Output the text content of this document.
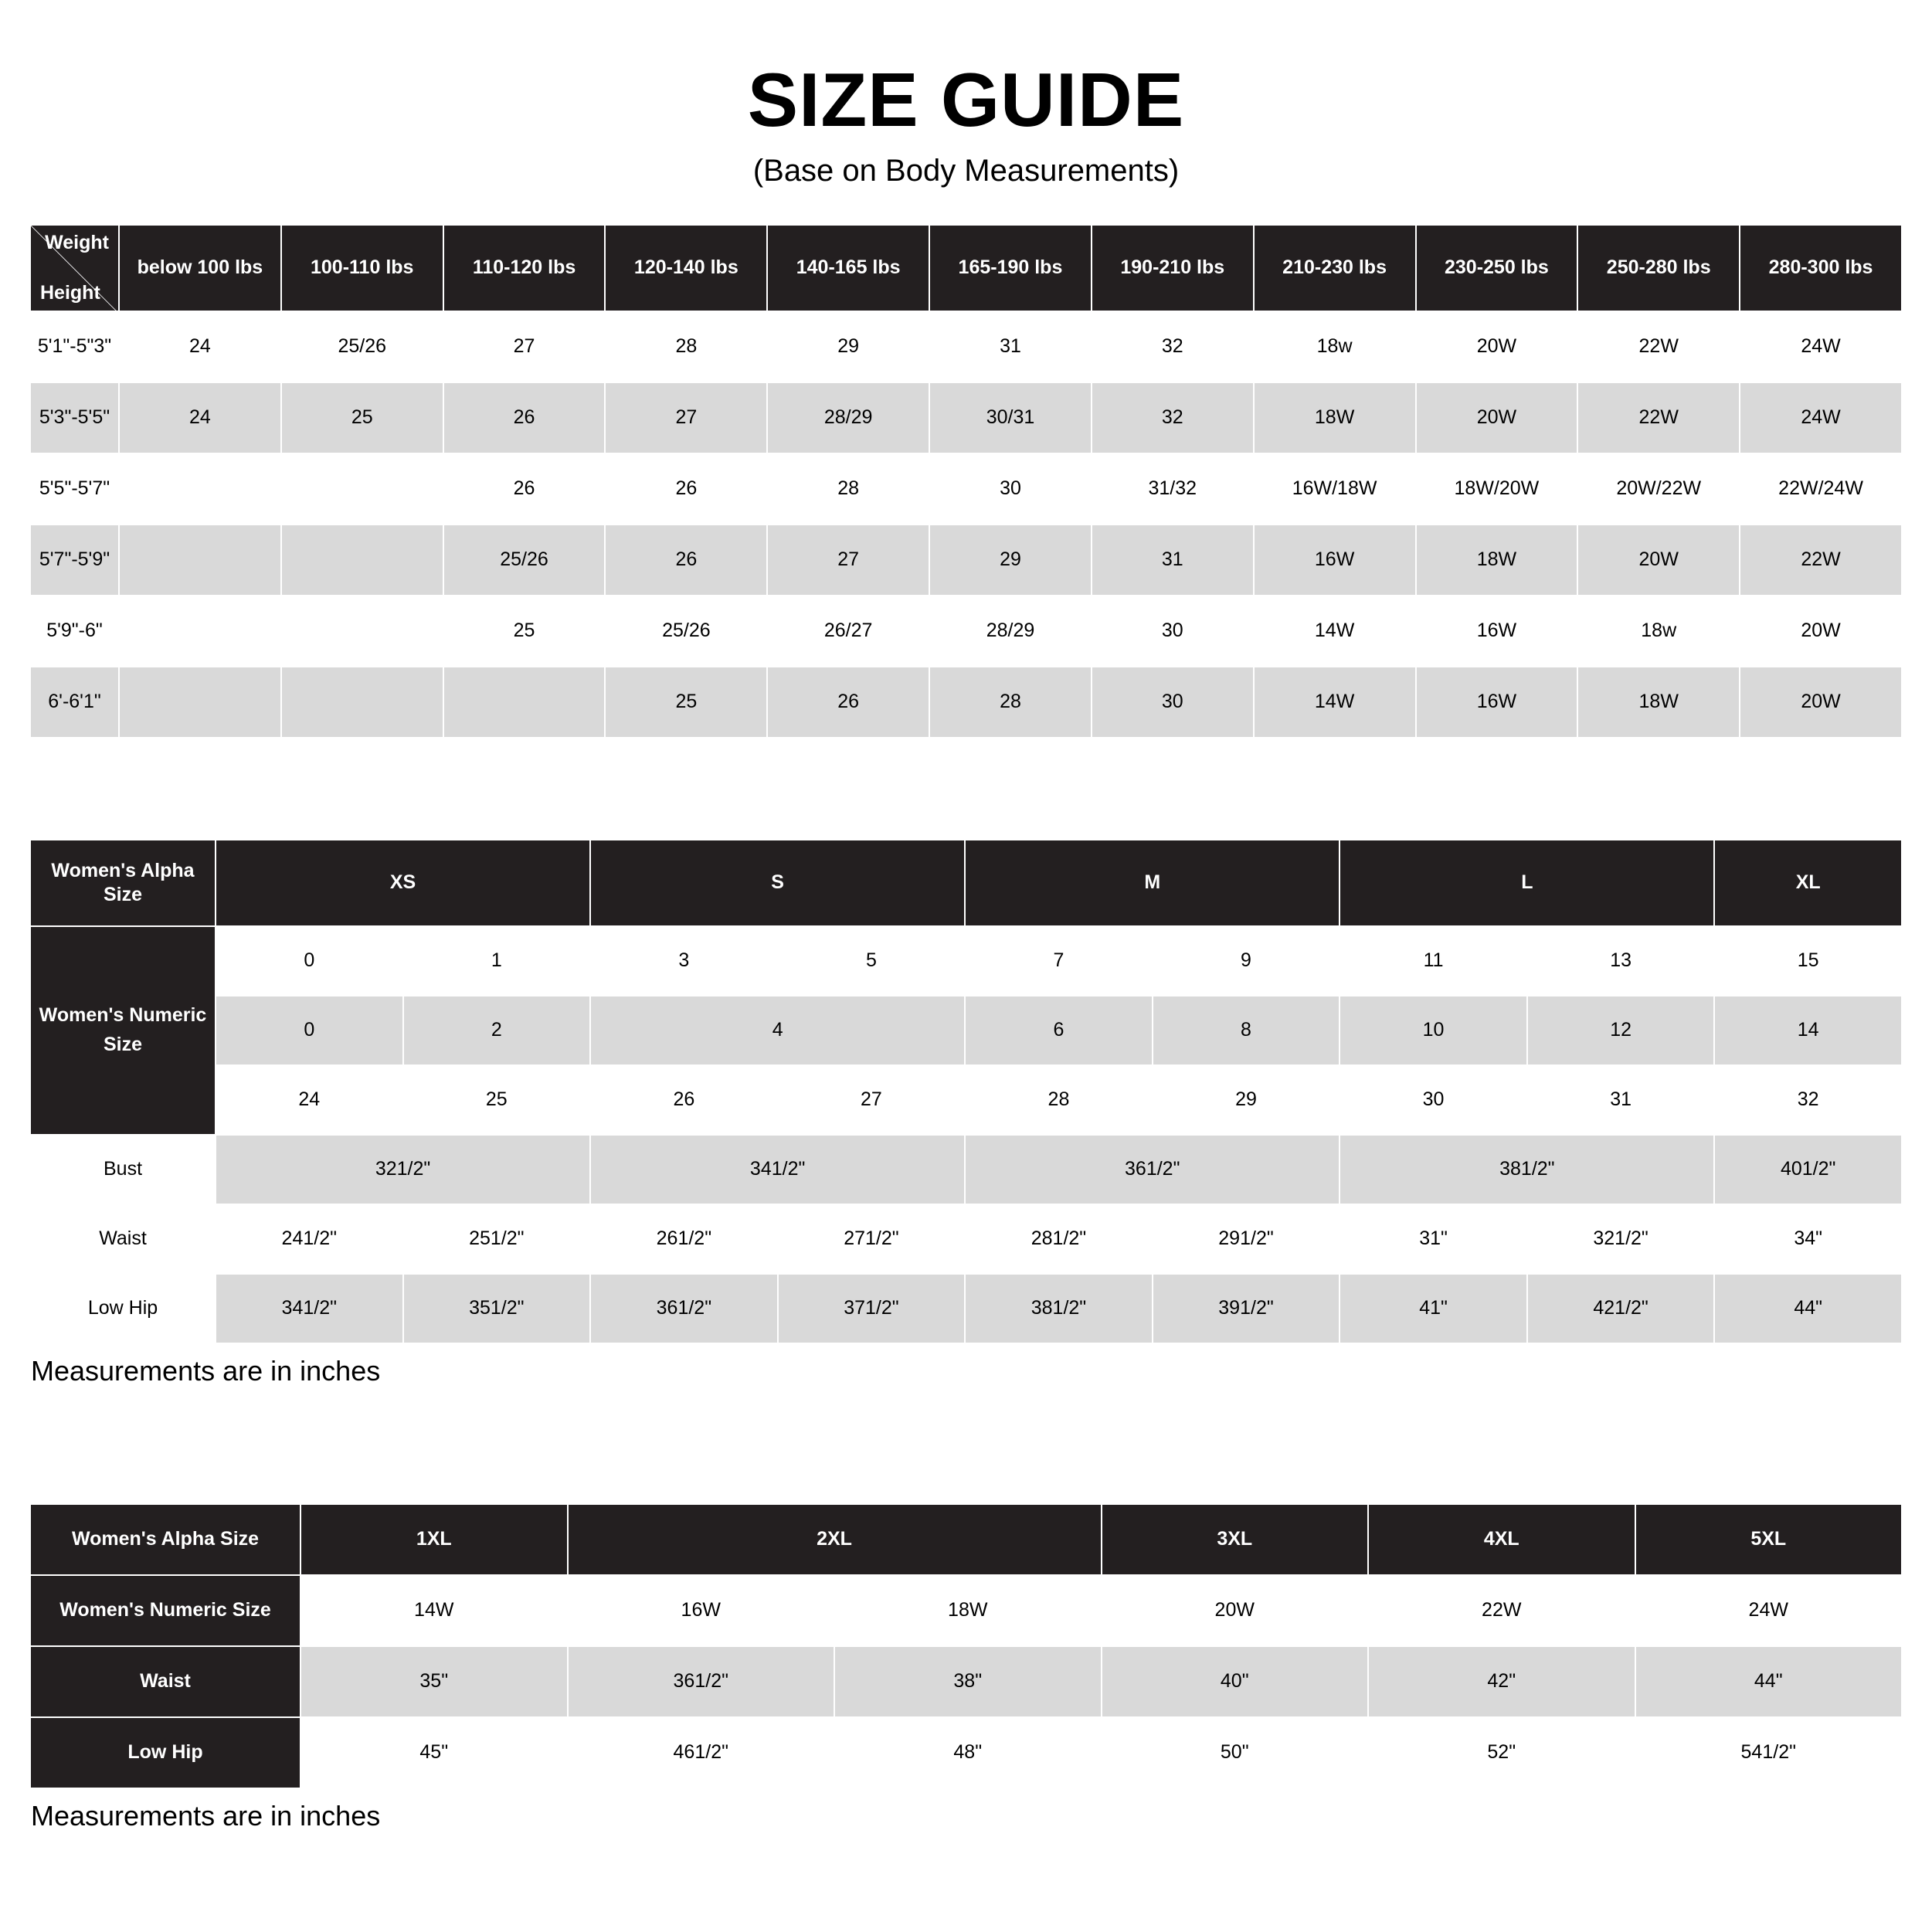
SIZE GUIDE
(Base on Body Measurements)
Weight
Height	below 100 lbs	100-110 lbs	110-120 lbs	120-140 lbs	140-165 lbs	165-190 lbs	190-210 lbs	210-230 lbs	230-250 lbs	250-280 lbs	280-300 lbs
5'1"-5"3"	24	25/26	27	28	29	31	32	18w	20W	22W	24W
5'3"-5'5"	24	25	26	27	28/29	30/31	32	18W	20W	22W	24W
5'5"-5'7"			26	26	28	30	31/32	16W/18W	18W/20W	20W/22W	22W/24W
5'7"-5'9"			25/26	26	27	29	31	16W	18W	20W	22W
5'9"-6"			25	25/26	26/27	28/29	30	14W	16W	18w	20W
6'-6'1"				25	26	28	30	14W	16W	18W	20W
Women's Alpha Size	XS		S		M		L		XL
Women's Numeric Size	0	1	3	5	7	9	11	13	15
	0	2	4		6	8	10	12	14
	24	25	26	27	28	29	30	31	32
Bust	321/2"		341/2"		361/2"		381/2"		401/2"
Waist	241/2"	251/2"	261/2"	271/2"	281/2"	291/2"	31"	321/2"	34"
Low Hip	341/2"	351/2"	361/2"	371/2"	381/2"	391/2"	41"	421/2"	44"
Measurements are in inches
Women's Alpha Size	1XL	2XL		3XL	4XL	5XL
Women's Numeric Size	14W	16W	18W	20W	22W	24W
Waist	35"	361/2"	38"	40"	42"	44"
Low Hip	45"	461/2"	48"	50"	52"	541/2"
Measurements are in inches
